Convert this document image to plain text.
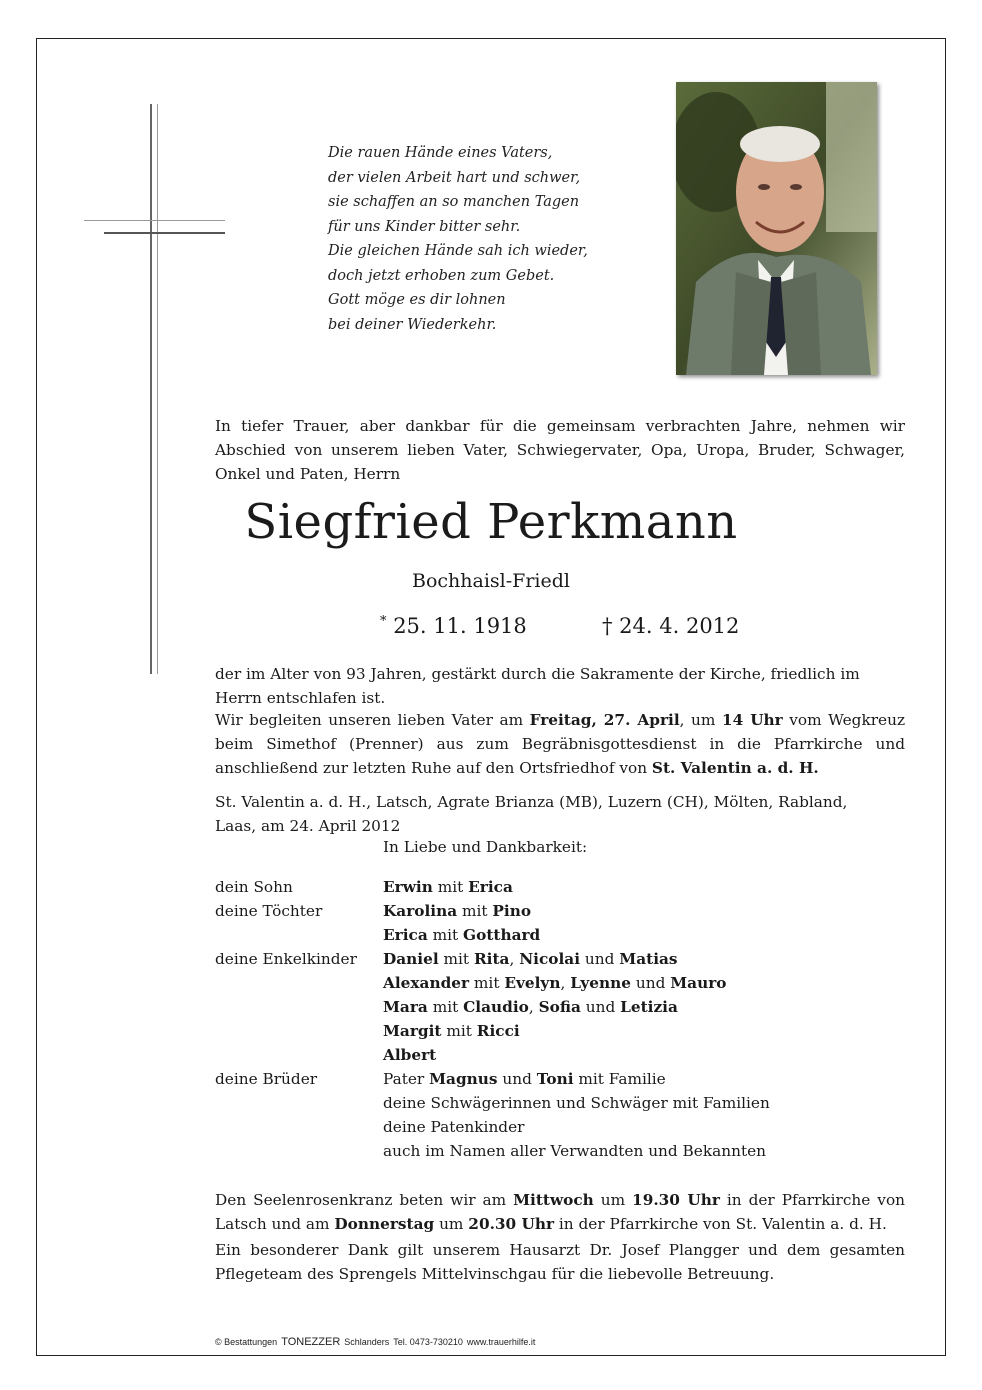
Die rauen Hände eines Vaters,
der vielen Arbeit hart und schwer,
sie schaffen an so manchen Tagen
für uns Kinder bitter sehr.
Die gleichen Hände sah ich wieder,
doch jetzt erhoben zum Gebet.
Gott möge es dir lohnen
bei deiner Wiederkehr.
In tiefer Trauer, aber dankbar für die gemeinsam verbrachten Jahre, nehmen wir Abschied von unserem lieben Vater, Schwiegervater, Opa, Uropa, Bruder, Schwager, Onkel und Paten, Herrn
Siegfried Perkmann
Bochhaisl-Friedl
* 25. 11. 1918	† 24. 4. 2012
der im Alter von 93 Jahren, gestärkt durch die Sakramente der Kirche, friedlich im Herrn entschlafen ist.
Wir begleiten unseren lieben Vater am Freitag, 27. April, um 14 Uhr vom Wegkreuz beim Simethof (Prenner) aus zum Begräbnisgottesdienst in die Pfarrkirche und anschließend zur letzten Ruhe auf den Ortsfriedhof von St. Valentin a. d. H.
St. Valentin a. d. H., Latsch, Agrate Brianza (MB), Luzern (CH), Mölten, Rabland, Laas, am 24. April 2012
In Liebe und Dankbarkeit:
dein Sohn	Erwin mit Erica
deine Töchter	Karolina mit Pino
Erica mit Gotthard
deine Enkelkinder	Daniel mit Rita, Nicolai und Matias
Alexander mit Evelyn, Lyenne und Mauro
Mara mit Claudio, Sofia und Letizia
Margit mit Ricci
Albert
deine Brüder	Pater Magnus und Toni mit Familie
deine Schwägerinnen und Schwäger mit Familien
deine Patenkinder
auch im Namen aller Verwandten und Bekannten
Den Seelenrosenkranz beten wir am Mittwoch um 19.30 Uhr in der Pfarrkirche von Latsch und am Donnerstag um 20.30 Uhr in der Pfarrkirche von St. Valentin a. d. H.
Ein besonderer Dank gilt unserem Hausarzt Dr. Josef Plangger und dem gesamten Pflegeteam des Sprengels Mittelvinschgau für die liebevolle Betreuung.
© Bestattungen TONEZZER Schlanders Tel. 0473-730210 www.trauerhilfe.it
